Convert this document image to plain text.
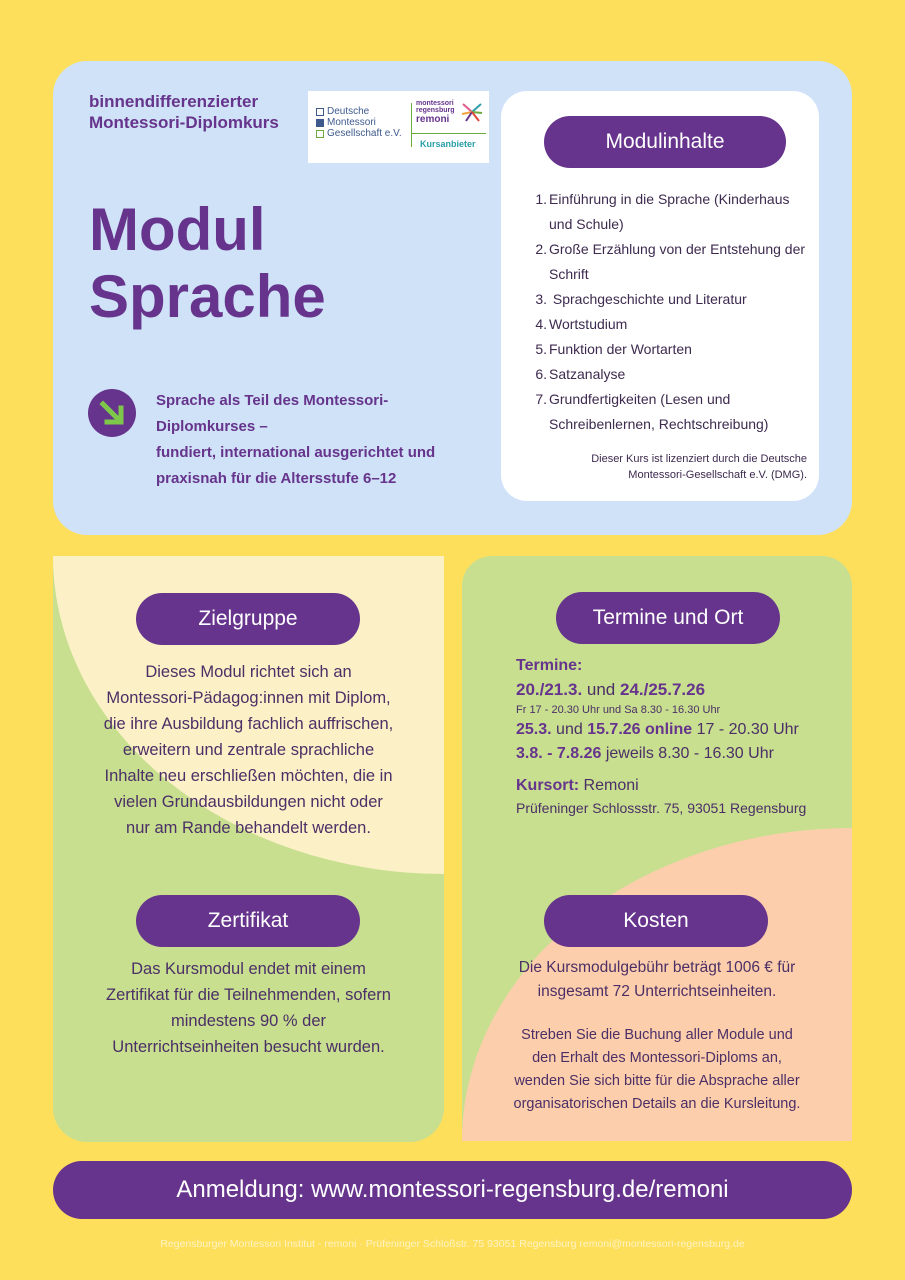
binnendifferenzierter
Montessori-Diplomkurs
Deutsche
Montessori
Gesellschaft e.V.
montessori
regensburg
remoni
Kursanbieter
Modul
Sprache
Sprache als Teil des Montessori-
Diplomkurses –
fundiert, international ausgerichtet und
praxisnah für die Altersstufe 6–12
Modulinhalte
1. Einführung in die Sprache (Kinderhaus und Schule)
2. Große Erzählung von der Entstehung der Schrift
3. Sprachgeschichte und Literatur
4. Wortstudium
5. Funktion der Wortarten
6. Satzanalyse
7. Grundfertigkeiten (Lesen und Schreibenlernen, Rechtschreibung)
Dieser Kurs ist lizenziert durch die Deutsche Montessori-Gesellschaft e.V. (DMG).
Zielgruppe
Dieses Modul richtet sich an
Montessori-Pädagog:innen mit Diplom,
die ihre Ausbildung fachlich auffrischen,
erweitern und zentrale sprachliche
Inhalte neu erschließen möchten, die in
vielen Grundausbildungen nicht oder
nur am Rande behandelt werden.
Zertifikat
Das Kursmodul endet mit einem
Zertifikat für die Teilnehmenden, sofern
mindestens 90 % der
Unterrichtseinheiten besucht wurden.
Termine und Ort
Termine:
20./21.3. und 24./25.7.26
Fr 17 - 20.30 Uhr und Sa 8.30 - 16.30 Uhr
25.3. und 15.7.26 online 17 - 20.30 Uhr
3.8. - 7.8.26 jeweils 8.30 - 16.30 Uhr
Kursort: Remoni
Prüfeninger Schlossstr. 75, 93051 Regensburg
Kosten
Die Kursmodulgebühr beträgt 1006 € für
insgesamt 72 Unterrichtseinheiten.
Streben Sie die Buchung aller Module und
den Erhalt des Montessori-Diploms an,
wenden Sie sich bitte für die Absprache aller
organisatorischen Details an die Kursleitung.
Anmeldung: www.montessori-regensburg.de/remoni
Regensburger Montessori Institut - remoni · Prüfeninger Schloßstr. 75 93051 Regensburg remoni@montessori-regensburg.de
